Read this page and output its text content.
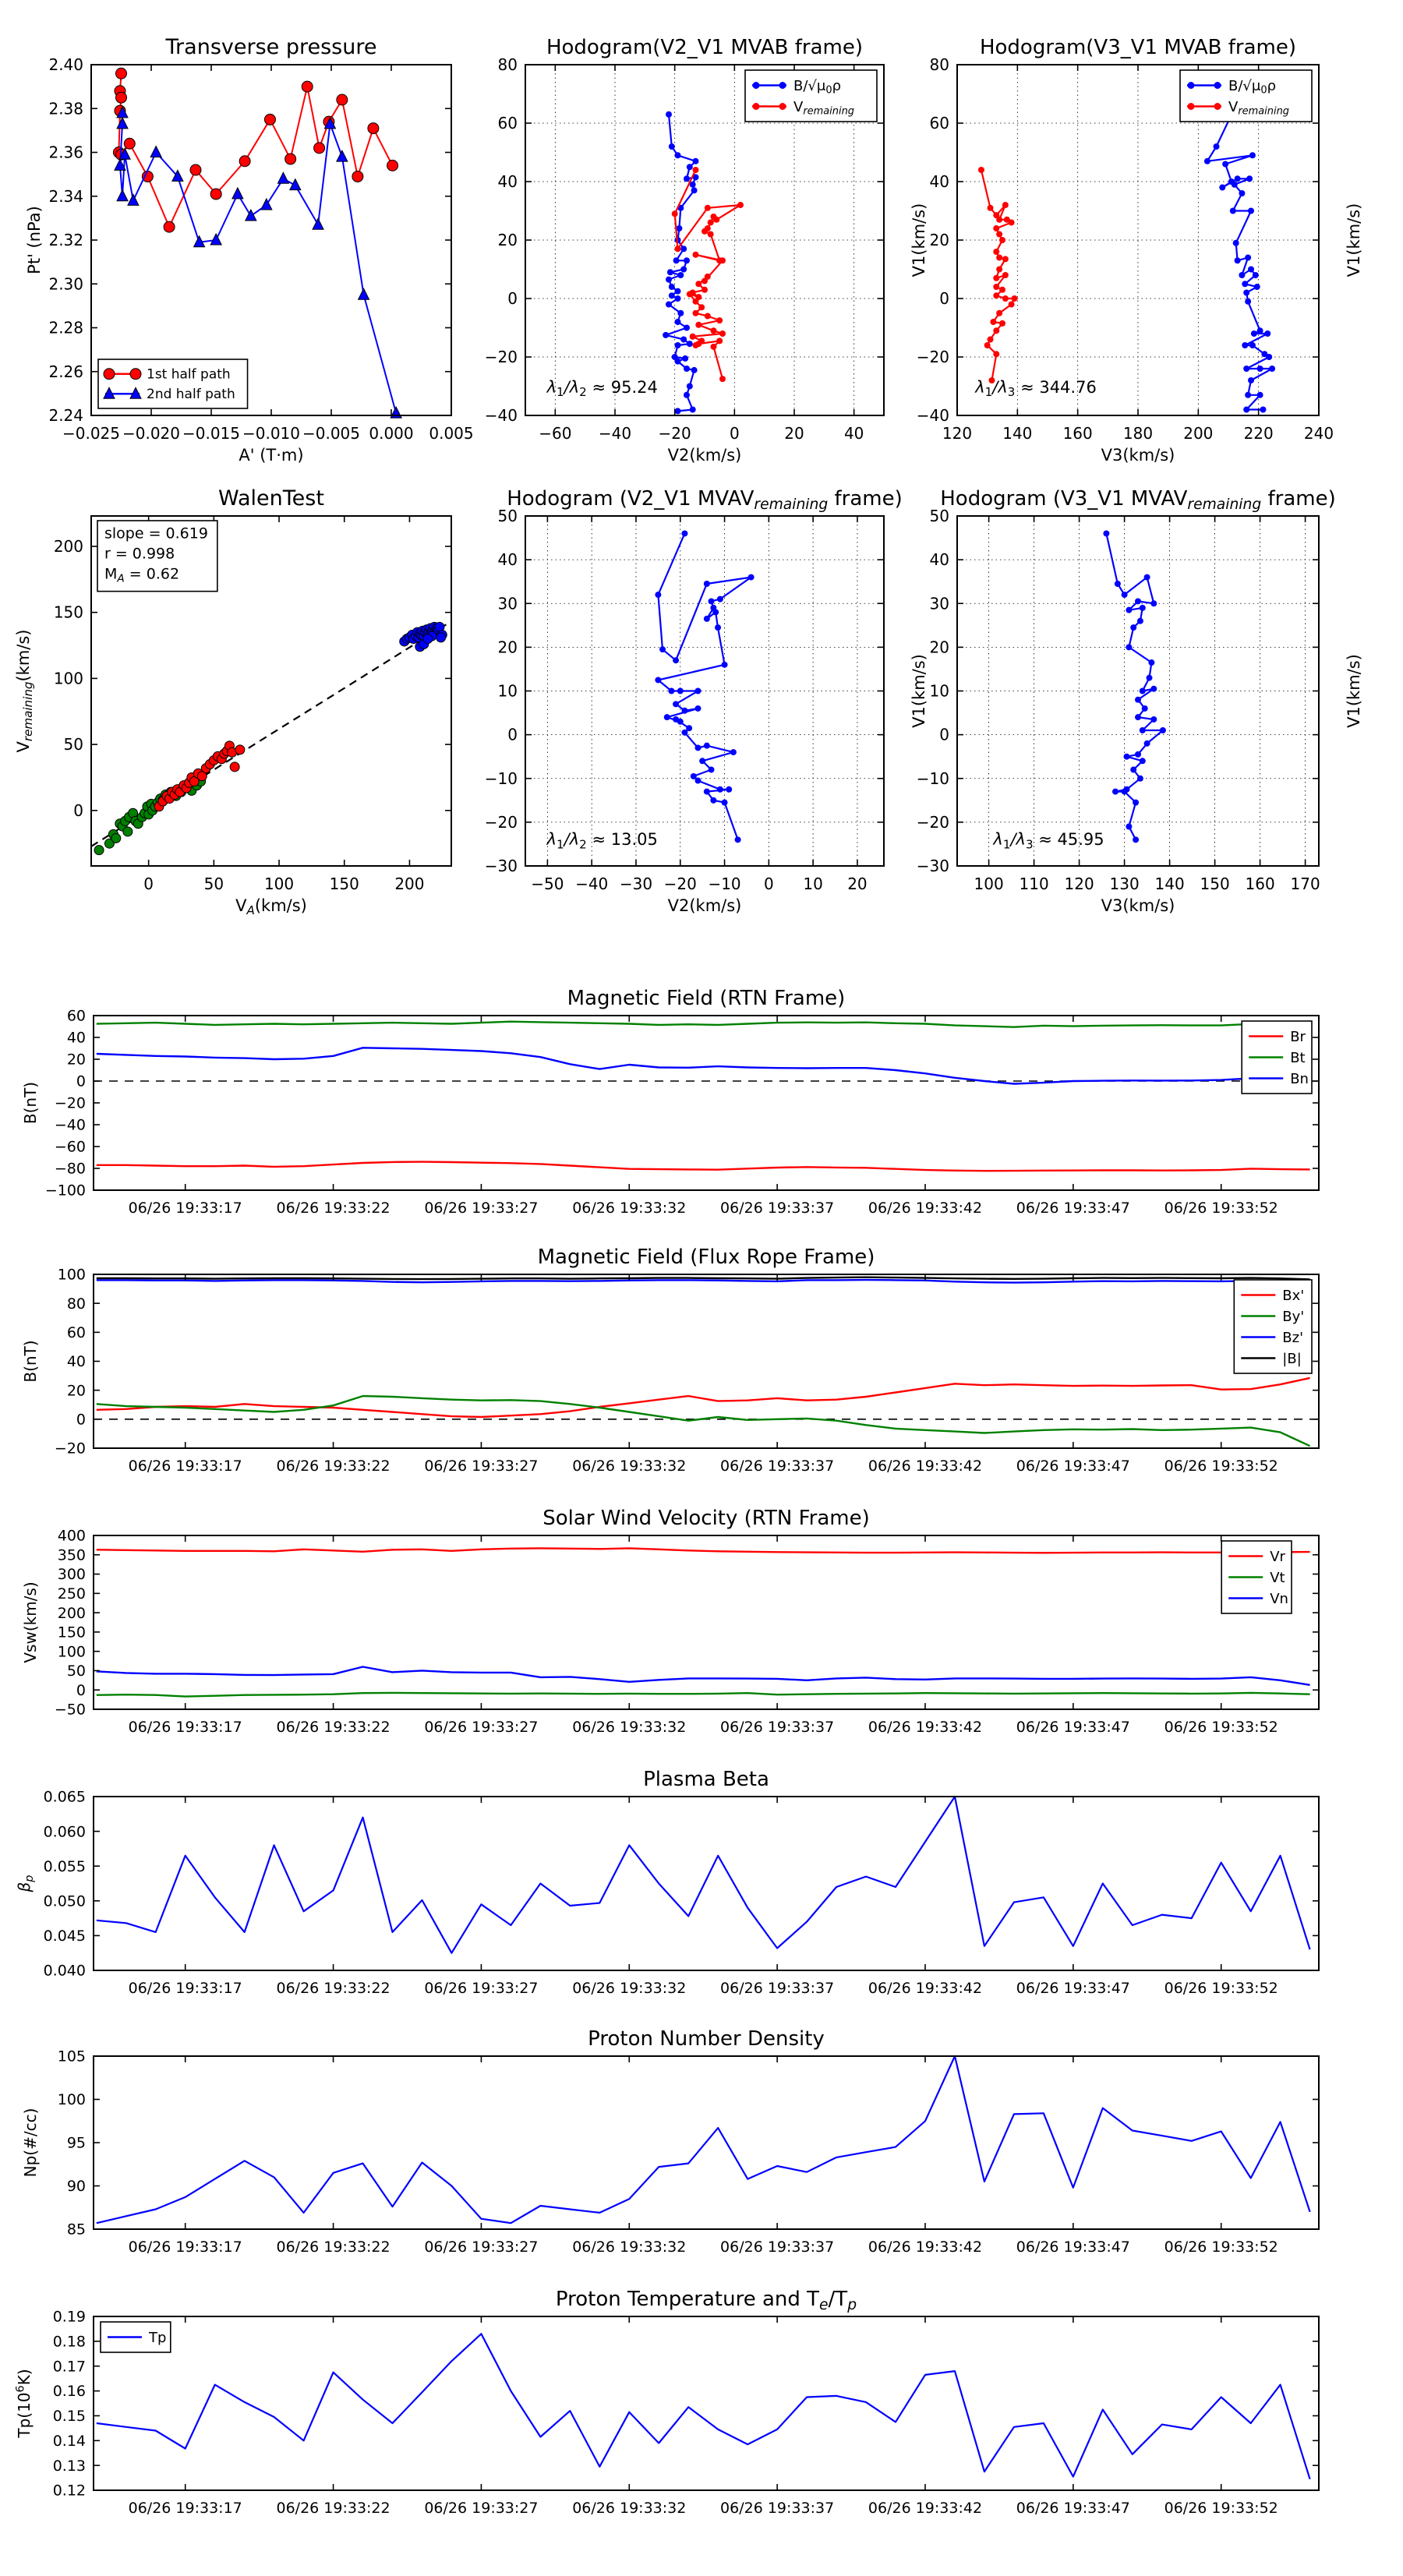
−0.025 −0.020 −0.015 −0.010 −0.005 0.000 0.005
2.24
2.26
2.28
2.30
2.32
2.34
2.36
2.38
2.40
Transverse pressure
A' (T·m)
Pt' (nPa)
1st half path
2nd half path
−60 −40 −20 0	20	40
−40
−20
0
20
40
60
80
Hodogram(V2_V1 MVAB frame)
V2(km/s)
V1(km/s)
$\lambda_1/\lambda_2 \approx 95.24$
$B/√\mu_0\rho$
$V_{remaining}$
120 140 160 180 200 220 240
−40
−20
0
20
40
60
80
Hodogram(V3_V1 MVAB frame)
V3(km/s)
V1(km/s)
$\lambda_1/\lambda_3 \approx 344.76$
$B/√\mu_0\rho$
$V_{remaining}$
0	50	100 150 200
0
50
100
150
200
WalenTest
$V_A(km/s)$
$V_{remaining}(km/s)$
slope = 0.619
r = 0.998
$M_A = 0.62$
−50 −40 −30 −20 −10 0 10 20
−30
−20
−10
0
10
20
30
40
50
Hodogram (V2_V1 $MVAV_{remaining}$ frame)
V2(km/s)
V1(km/s)
$\lambda_1/\lambda_2 \approx 13.05$
100 110 120 130 140 150 160 170
−30
−20
−10
0
10
20
30
40
50
Hodogram (V3_V1 $MVAV_{remaining}$ frame)
V3(km/s)
V1(km/s)
$\lambda_1/\lambda_3 \approx 45.95$
06/26 19:33:17 06/26 19:33:22 06/26 19:33:27 06/26 19:33:32 06/26 19:33:37 06/26 19:33:42 06/26 19:33:47 06/26 19:33:52
−100
−80
−60
−40
−20
0
20
40
60
Magnetic Field (RTN Frame)
B(nT)
Br
Bt
Bn
06/26 19:33:17 06/26 19:33:22 06/26 19:33:27 06/26 19:33:32 06/26 19:33:37 06/26 19:33:42 06/26 19:33:47 06/26 19:33:52
−20
0
20
40
60
80
100
Magnetic Field (Flux Rope Frame)
B(nT)
Bx'
By'
Bz'
|B|
06/26 19:33:17 06/26 19:33:22 06/26 19:33:27 06/26 19:33:32 06/26 19:33:37 06/26 19:33:42 06/26 19:33:47 06/26 19:33:52
−50
0
50
100
150
200
250
300
350
400
Solar Wind Velocity (RTN Frame)
Vsw(km/s)
Vr
Vt
Vn
06/26 19:33:17 06/26 19:33:22 06/26 19:33:27 06/26 19:33:32 06/26 19:33:37 06/26 19:33:42 06/26 19:33:47 06/26 19:33:52
0.040
0.045
0.050
0.055
0.060
0.065
Plasma Beta
$\beta_p$
06/26 19:33:17 06/26 19:33:22 06/26 19:33:27 06/26 19:33:32 06/26 19:33:37 06/26 19:33:42 06/26 19:33:47 06/26 19:33:52
85
90
95
100
105
Proton Number Density
Np(#/cc)
06/26 19:33:17 06/26 19:33:22 06/26 19:33:27 06/26 19:33:32 06/26 19:33:37 06/26 19:33:42 06/26 19:33:47 06/26 19:33:52
0.12
0.13
0.14
0.15
0.16
0.17
0.18
0.19
Proton Temperature and $T_e/T_p$
$Tp(10^6K)$
Tp
